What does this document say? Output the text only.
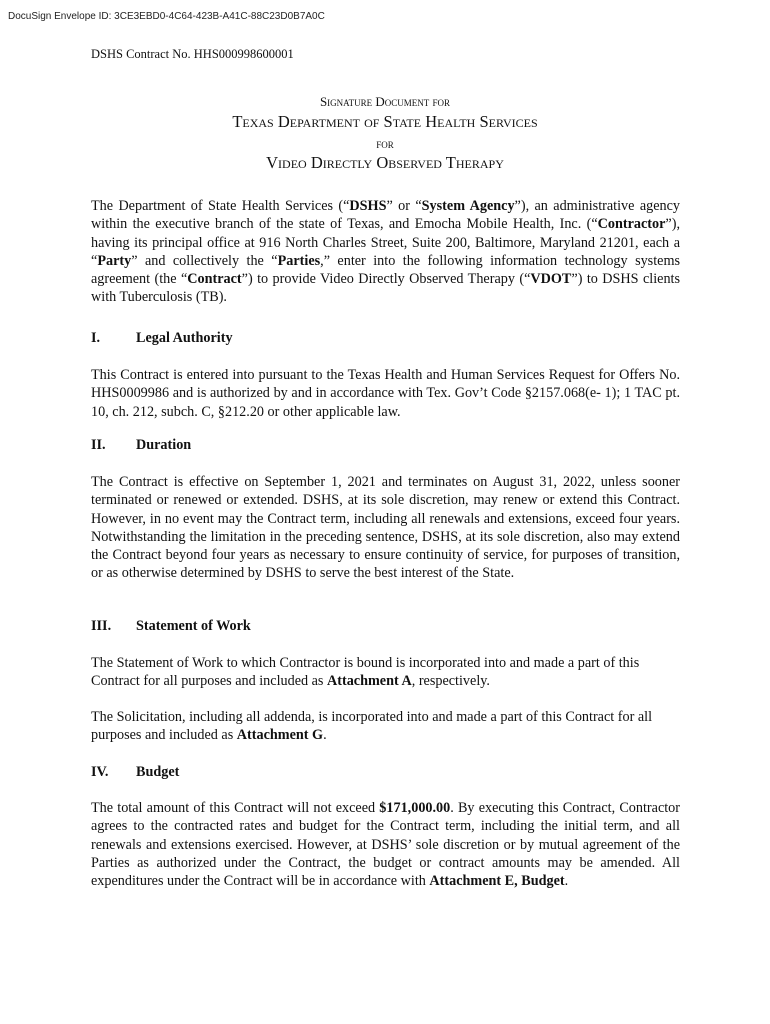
DocuSign Envelope ID: 3CE3EBD0-4C64-423B-A41C-88C23D0B7A0C
DSHS Contract No. HHS000998600001
Signature Document for
Texas Department of State Health Services
for
Video Directly Observed Therapy

The Department of State Health Services (“DSHS” or “System Agency”), an administrative agency within the executive branch of the state of Texas, and Emocha Mobile Health, Inc. (“Contractor”), having its principal office at 916 North Charles Street, Suite 200, Baltimore, Maryland 21201, each a “Party” and collectively the “Parties,” enter into the following information technology systems agreement (the “Contract”) to provide Video Directly Observed Therapy (“VDOT”) to DSHS clients with Tuberculosis (TB).

I.	Legal Authority

This Contract is entered into pursuant to the Texas Health and Human Services Request for Offers No. HHS0009986 and is authorized by and in accordance with Tex. Gov’t Code §2157.068(e- 1); 1 TAC pt. 10, ch. 212, subch. C, §212.20 or other applicable law.

II. Duration

The Contract is effective on September 1, 2021 and terminates on August 31, 2022, unless sooner terminated or renewed or extended. DSHS, at its sole discretion, may renew or extend this Contract. However, in no event may the Contract term, including all renewals and extensions, exceed four years. Notwithstanding the limitation in the preceding sentence, DSHS, at its sole discretion, also may extend the Contract beyond four years as necessary to ensure continuity of service, for purposes of transition, or as otherwise determined by DSHS to serve the best interest of the State.

III. Statement of Work

The Statement of Work to which Contractor is bound is incorporated into and made a part of this Contract for all purposes and included as Attachment A, respectively.

The Solicitation, including all addenda, is incorporated into and made a part of this Contract for all purposes and included as Attachment G.

IV. Budget

The total amount of this Contract will not exceed $171,000.00. By executing this Contract, Contractor agrees to the contracted rates and budget for the Contract term, including the initial term, and all renewals and extensions exercised. However, at DSHS’ sole discretion or by mutual agreement of the Parties as authorized under the Contract, the budget or contract amounts may be amended. All expenditures under the Contract will be in accordance with Attachment E, Budget.
